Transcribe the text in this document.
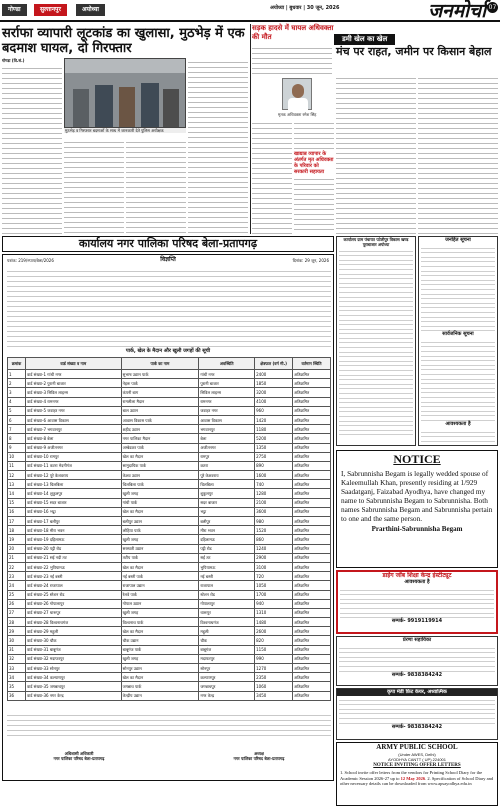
गोण्डा	सुल्तानपुर	अयोध्या	अयोध्या | बुधवार | 30 जून, 2026	जनमोर्चा 07
सर्राफा व्यापारी लूटकांड का खुलासा, मुठभेड़ में एक बदमाश घायल, दो गिरफ्तार
गोण्डा (वि.सं.)
मुठभेड़ व गिरफ्तार बदमाशों के साथ में जानकारी देते पुलिस अधीक्षक
सड़क हादसे में घायल अधिवक्ता की मौत
मृतक अधिवक्ता रमेश सिंह
खाद्यान्न व्यापार के अंतर्गत मृत अधिवक्ता के परिवार को सरकारी सहायता
डमी खेल का खेल
मंच पर राहत, जमीन पर किसान बेहाल
जनहित सूचना
सार्वजनिक सूचना
आवश्यकता है
कार्यालय नगर पालिका परिषद बेला-प्रतापगढ़
पत्रांक: 219/नपाप/बेला/2026	विज्ञप्ति	दिनांक: 29 जून, 2026
पार्क, खेल के मैदान और खुली जगहों की सूची
क्रमांक	वार्ड संख्या व नाम	पार्क का नाम	अवस्थिति	क्षेत्रफल (वर्ग मी.)	वर्तमान स्थिति
1	वार्ड संख्या-1 गांधी नगर	सुभाष उद्यान पार्क	गांधी नगर	2400	अतिक्रमित
2	वार्ड संख्या-2 पुरानी बाजार	नेहरू पार्क	पुरानी बाजार	1850	अतिक्रमित
3	वार्ड संख्या-3 सिविल लाइन्स	कंपनी बाग	सिविल लाइन्स	3200	अतिक्रमित
4	वार्ड संख्या-4 रामनगर	रामलीला मैदान	रामनगर	4100	अतिक्रमित
5	वार्ड संख्या-5 जवाहर नगर	बाल उद्यान	जवाहर नगर	960	अतिक्रमित
6	वार्ड संख्या-6 आवास विकास	आवास विकास पार्क	आवास विकास	1420	अतिक्रमित
7	वार्ड संख्या-7 भगवानपुर	शहीद उद्यान	भगवानपुर	1180	अतिक्रमित
8	वार्ड संख्या-8 बेला	नगर पालिका मैदान	बेला	5200	अतिक्रमित
9	वार्ड संख्या-9 अजीतनगर	अम्बेडकर पार्क	अजीतनगर	1350	अतिक्रमित
10	वार्ड संख्या-10 रामपुर	खेल का मैदान	रामपुर	2750	अतिक्रमित
11	वार्ड संख्या-11 कटरा मेदनीगंज	सामुदायिक पार्क	कटरा	890	अतिक्रमित
12	वार्ड संख्या-12 पूरे केशवराय	केशव उद्यान	पूरे केशवराय	1600	अतिक्रमित
13	वार्ड संख्या-13 चिलबिला	चिलबिला पार्क	चिलबिला	740	अतिक्रमित
14	वार्ड संख्या-14 शुकुलपुर	खुली जगह	शुकुलपुर	1280	अतिक्रमित
15	वार्ड संख्या-15 सदर बाजार	गांधी पार्क	सदर बाजार	2100	अतिक्रमित
16	वार्ड संख्या-16 भट्ठा	खेल का मैदान	भट्ठा	3600	अतिक्रमित
17	वार्ड संख्या-17 बलीपुर	बलीपुर उद्यान	बलीपुर	980	अतिक्रमित
18	वार्ड संख्या-18 मीरा भवन	लोहिया पार्क	मीरा भवन	1520	अतिक्रमित
19	वार्ड संख्या-19 दहिलामऊ	खुली जगह	दहिलामऊ	860	अतिक्रमित
20	वार्ड संख्या-20 पट्टी रोड	सरस्वती उद्यान	पट्टी रोड	1240	अतिक्रमित
21	वार्ड संख्या-21 सई नदी तट	तटीय पार्क	सई तट	2900	अतिक्रमित
22	वार्ड संख्या-22 भुपियामऊ	खेल का मैदान	भुपियामऊ	3100	अतिक्रमित
23	वार्ड संख्या-23 नई बस्ती	नई बस्ती पार्क	नई बस्ती	720	अतिक्रमित
24	वार्ड संख्या-24 राजापाल	राजापाल उद्यान	राजापाल	1050	अतिक्रमित
25	वार्ड संख्या-25 स्टेशन रोड	रेलवे पार्क	स्टेशन रोड	1700	अतिक्रमित
26	वार्ड संख्या-26 गोपालापुर	गोपाल उद्यान	गोपालापुर	940	अतिक्रमित
27	वार्ड संख्या-27 धारूपुर	खुली जगह	धारूपुर	1310	अतिक्रमित
28	वार्ड संख्या-28 विश्वनाथगंज	विश्वनाथ पार्क	विश्वनाथगंज	1480	अतिक्रमित
29	वार्ड संख्या-29 महुली	खेल का मैदान	महुली	2600	अतिक्रमित
30	वार्ड संख्या-30 चौक	चौक उद्यान	चौक	820	अतिक्रमित
31	वार्ड संख्या-31 बाबूगंज	बाबूगंज पार्क	बाबूगंज	1150	अतिक्रमित
32	वार्ड संख्या-32 मदाफरपुर	खुली जगह	मदाफरपुर	990	अतिक्रमित
33	वार्ड संख्या-33 सोनपुर	सोनपुर उद्यान	सोनपुर	1270	अतिक्रमित
34	वार्ड संख्या-34 कल्याणपुर	खेल का मैदान	कल्याणपुर	2350	अतिक्रमित
35	वार्ड संख्या-35 जगन्नाथपुर	जगन्नाथ पार्क	जगन्नाथपुर	1060	अतिक्रमित
36	वार्ड संख्या-36 नगर केन्द्र	केन्द्रीय उद्यान	नगर केन्द्र	3450	अतिक्रमित
अधिशासी अधिकारी
नगर पालिका परिषद बेला-प्रतापगढ़
अध्यक्ष
नगर पालिका परिषद बेला-प्रतापगढ़
कार्यालय ग्राम पंचायत पटेलीपुर विकास खण्ड पूराबाजार अयोध्या
NOTICE
I, Sabrunnisha Begam is legally wedded spouse of Kaleemullah Khan, presently residing at 1/929 Saadatganj, Faizabad Ayodhya, have changed my name to Sabrunnisha Begam to Sabrunnisha. Both names Sabrunnisha Begam and Sabrunnisha pertain to one and the same person.
Prarthini-Sabrunnisha Begam
डाईंग जॉब शिक्षा केन्द्र इंस्टीट्यूट
आवश्यकता है
सम्पर्क- 9919119914
प्रेरणा सहायिका
सम्पर्क- 9838384242
कृपा मेडी फ़िट केयर, अध्यात्मिक
सम्पर्क- 9838384242
ARMY PUBLIC SCHOOL
(Under AWES, Delhi)
AYODHYA CANTT ( UP) 224001
NOTICE INVITING OFFER LETTERS
1. School invite offer letters from the vendors for Printing School Diary for the Academic Session 2026-27 up to 12 May 2026. 2. Specification of School Diary and other necessary details can be downloaded from www.apsayodhya.edu.in
